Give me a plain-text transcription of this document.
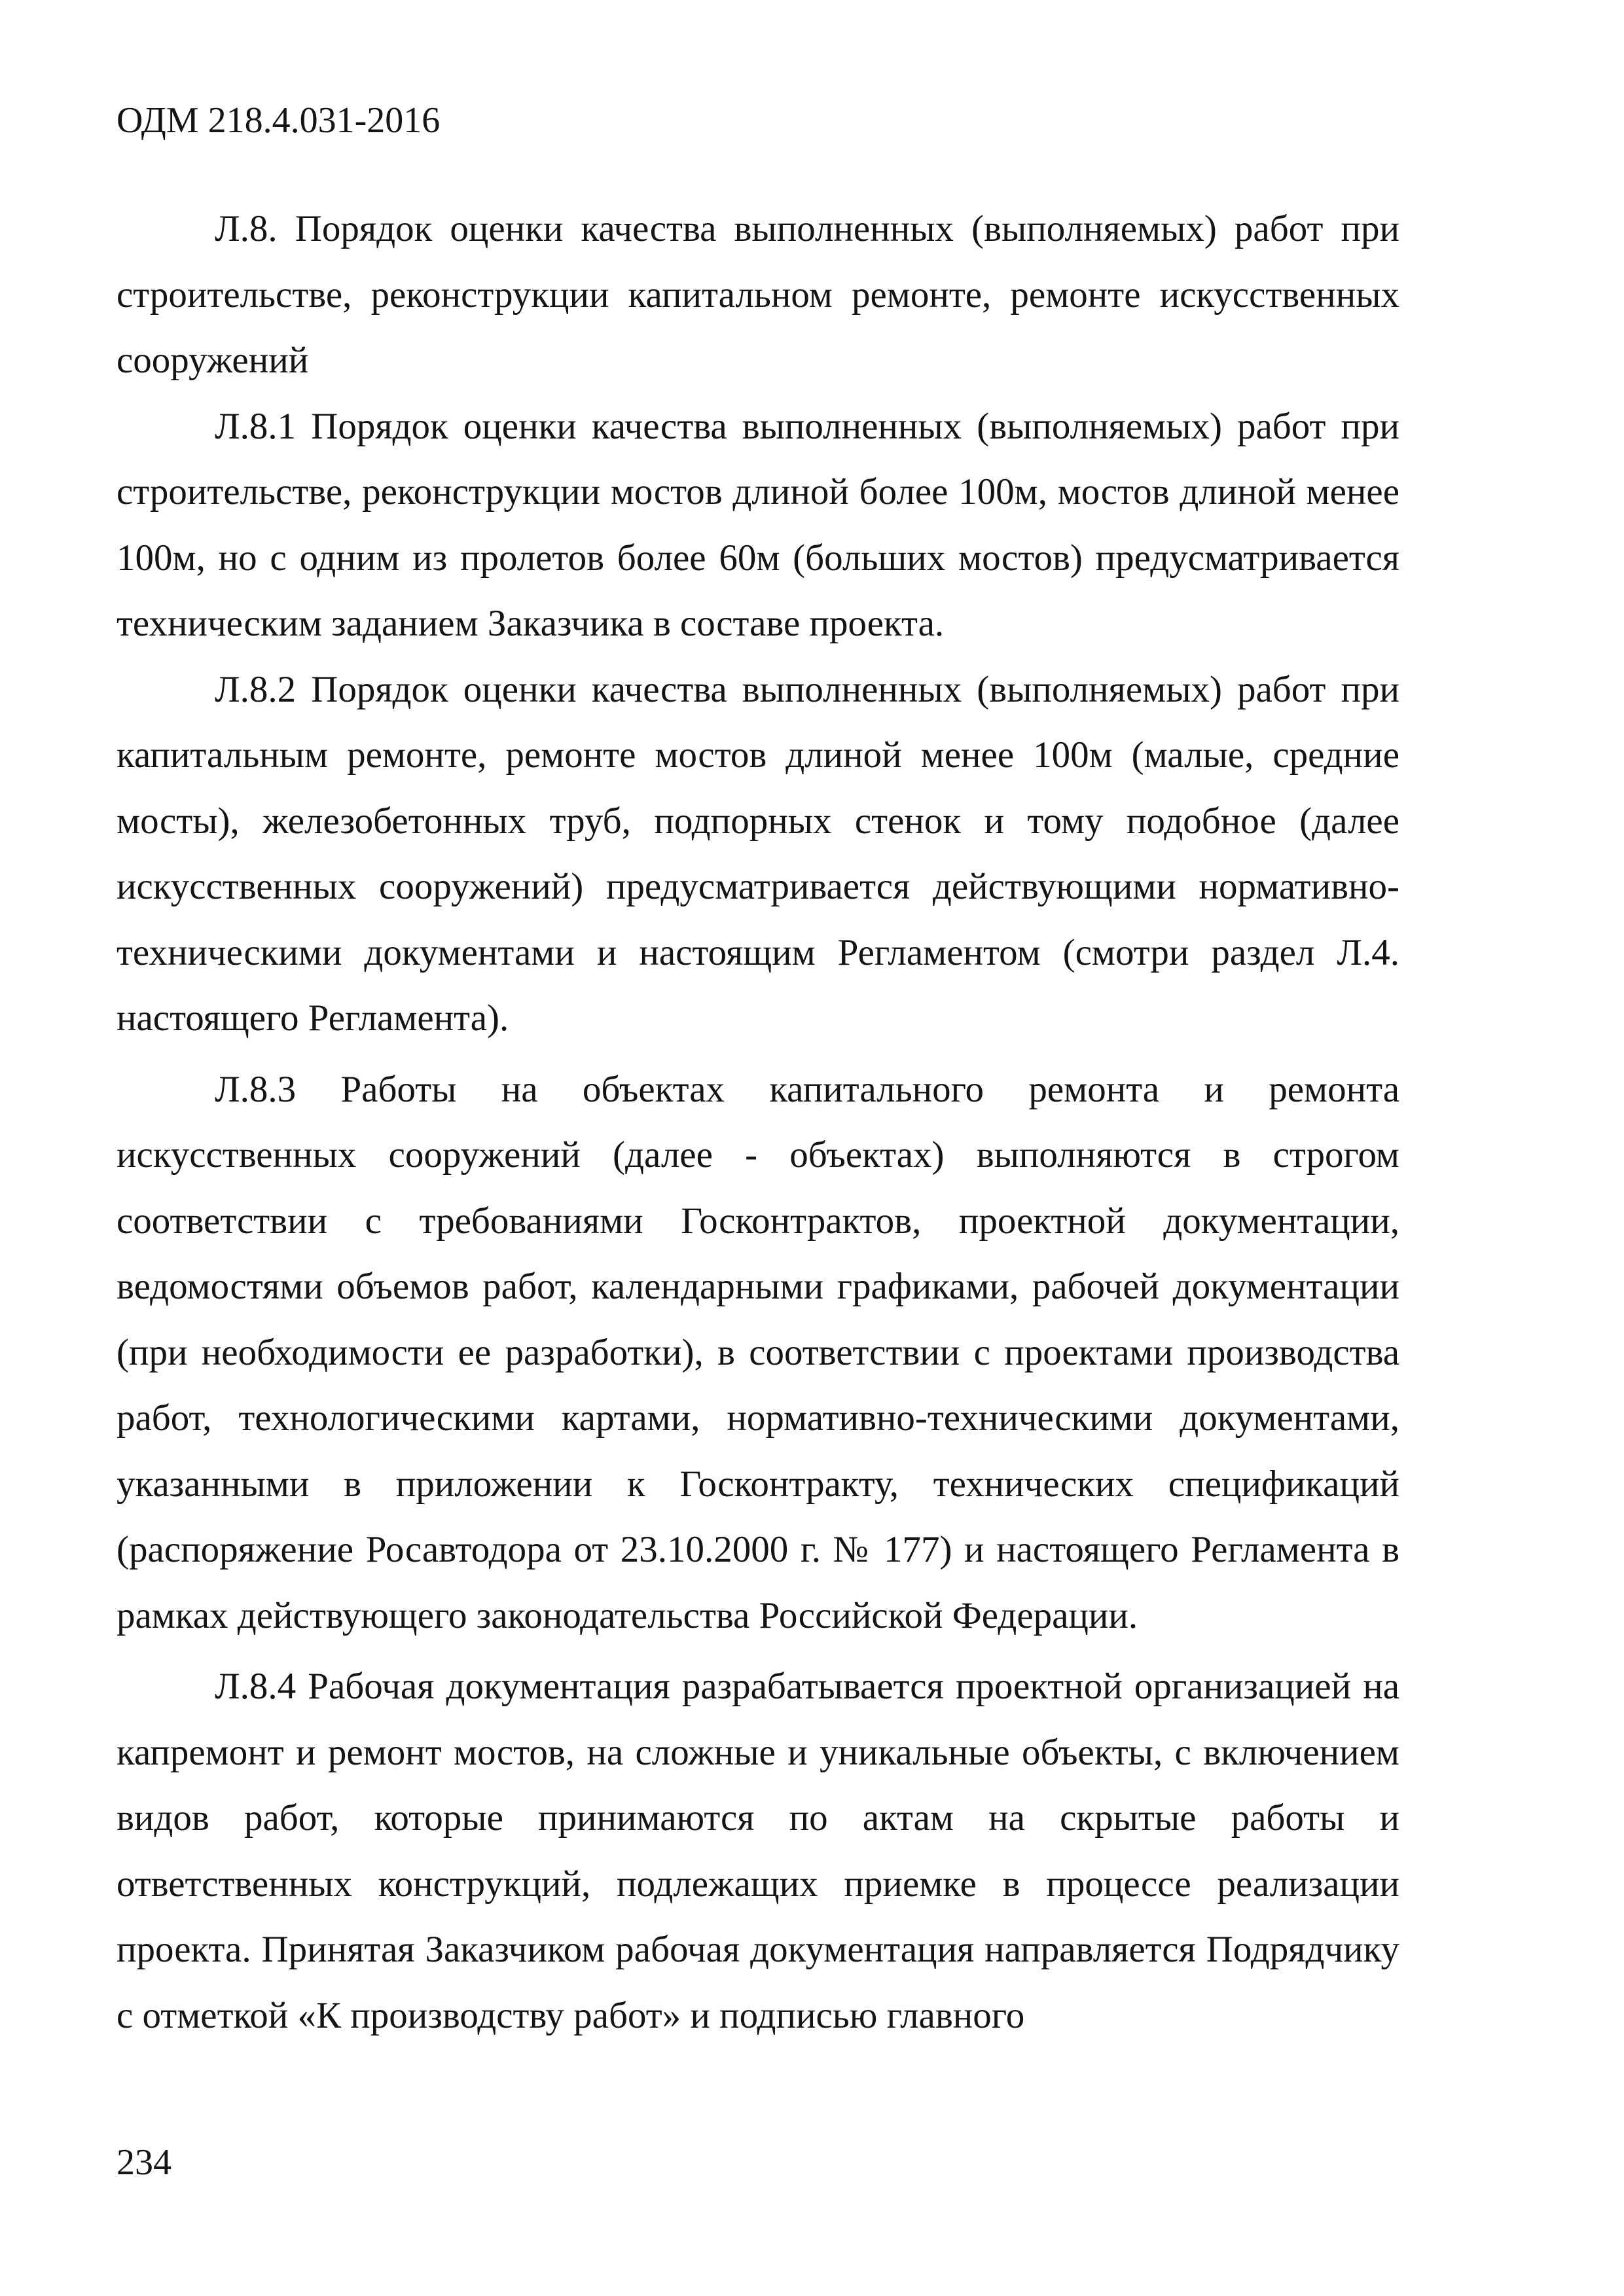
ОДМ 218.4.031-2016

Л.8. Порядок оценки качества выполненных (выполняемых) работ при строительстве, реконструкции капитальном ремонте, ремонте искусственных сооружений

Л.8.1 Порядок оценки качества выполненных (выполняемых) работ при строительстве, реконструкции мостов длиной более 100м, мостов длиной менее 100м, но с одним из пролетов более 60м (больших мостов) предусматривается техническим заданием Заказчика в составе проекта.

Л.8.2 Порядок оценки качества выполненных (выполняемых) работ при капитальным ремонте, ремонте мостов длиной менее 100м (малые, средние мосты), железобетонных труб, подпорных стенок и тому подобное (далее искусственных сооружений) предусматривается действующими нормативно-техническими документами и настоящим Регламентом (смотри раздел Л.4. настоящего Регламента).

Л.8.3 Работы на объектах капитального ремонта и ремонта искусственных сооружений (далее - объектах) выполняются в строгом соответствии с требованиями Госконтрактов, проектной документации, ведомостями объемов работ, календарными графиками, рабочей документации (при необходимости ее разработки), в соответствии с проектами производства работ, технологическими картами, нормативно-техническими документами, указанными в приложении к Госконтракту, технических спецификаций (распоряжение Росавтодора от 23.10.2000 г. № 177) и настоящего Регламента в рамках действующего законодательства Российской Федерации.

Л.8.4 Рабочая документация разрабатывается проектной организацией на капремонт и ремонт мостов, на сложные и уникальные объекты, с включением видов работ, которые принимаются по актам на скрытые работы и ответственных конструкций, подлежащих приемке в процессе реализации проекта. Принятая Заказчиком рабочая документация направляется Подрядчику с отметкой «К производству работ» и подписью главного

234
